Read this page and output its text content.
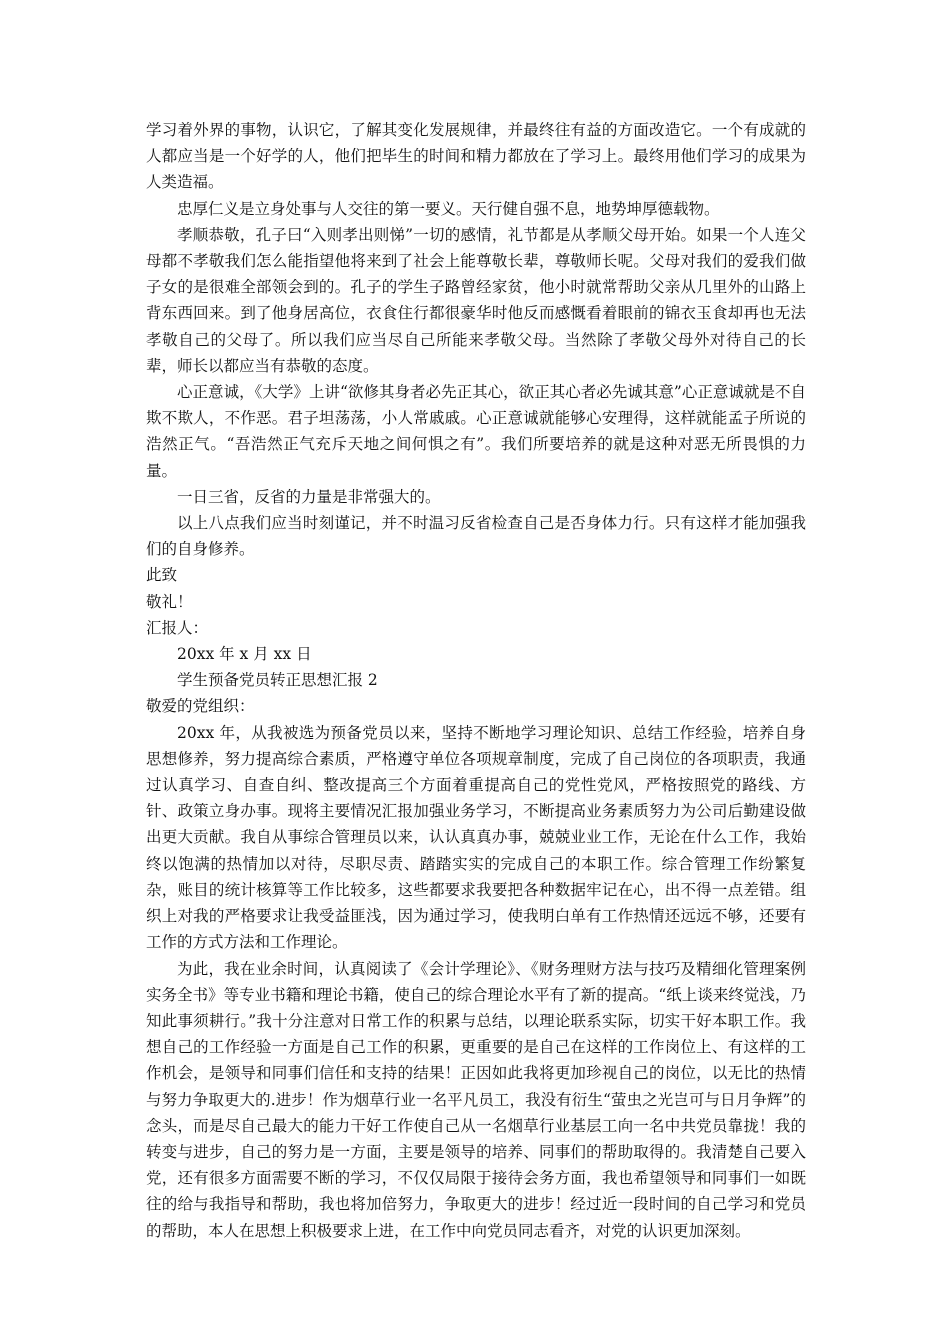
学习着外界的事物，认识它，了解其变化发展规律，并最终往有益的方面改造它。一个有成就的人都应当是一个好学的人，他们把毕生的时间和精力都放在了学习上。最终用他们学习的成果为人类造福。

忠厚仁义是立身处事与人交往的第一要义。天行健自强不息，地势坤厚德载物。

孝顺恭敬，孔子曰“入则孝出则悌”一切的感情，礼节都是从孝顺父母开始。如果一个人连父母都不孝敬我们怎么能指望他将来到了社会上能尊敬长辈，尊敬师长呢。父母对我们的爱我们做子女的是很难全部领会到的。孔子的学生子路曾经家贫，他小时就常帮助父亲从几里外的山路上背东西回来。到了他身居高位，衣食住行都很豪华时他反而感慨看着眼前的锦衣玉食却再也无法孝敬自己的父母了。所以我们应当尽自己所能来孝敬父母。当然除了孝敬父母外对待自己的长辈，师长以都应当有恭敬的态度。

心正意诚，《大学》上讲“欲修其身者必先正其心，欲正其心者必先诚其意”心正意诚就是不自欺不欺人，不作恶。君子坦荡荡，小人常戚戚。心正意诚就能够心安理得，这样就能孟子所说的浩然正气。“吾浩然正气充斥天地之间何惧之有”。我们所要培养的就是这种对恶无所畏惧的力量。

一日三省，反省的力量是非常强大的。

以上八点我们应当时刻谨记，并不时温习反省检查自己是否身体力行。只有这样才能加强我们的自身修养。

此致

敬礼！

汇报人：

20xx 年 x 月 xx 日

学生预备党员转正思想汇报 2

敬爱的党组织：

20xx 年，从我被选为预备党员以来，坚持不断地学习理论知识、总结工作经验，培养自身思想修养，努力提高综合素质，严格遵守单位各项规章制度，完成了自己岗位的各项职责，我通过认真学习、自查自纠、整改提高三个方面着重提高自己的党性党风，严格按照党的路线、方针、政策立身办事。现将主要情况汇报加强业务学习，不断提高业务素质努力为公司后勤建设做出更大贡献。我自从事综合管理员以来，认认真真办事，兢兢业业工作，无论在什么工作，我始终以饱满的热情加以对待，尽职尽责、踏踏实实的完成自己的本职工作。综合管理工作纷繁复杂，账目的统计核算等工作比较多，这些都要求我要把各种数据牢记在心，出不得一点差错。组织上对我的严格要求让我受益匪浅，因为通过学习，使我明白单有工作热情还远远不够，还要有工作的方式方法和工作理论。

为此，我在业余时间，认真阅读了《会计学理论》、《财务理财方法与技巧及精细化管理案例实务全书》等专业书籍和理论书籍，使自己的综合理论水平有了新的提高。“纸上谈来终觉浅，乃知此事须耕行。”我十分注意对日常工作的积累与总结，以理论联系实际，切实干好本职工作。我想自己的工作经验一方面是自己工作的积累，更重要的是自己在这样的工作岗位上、有这样的工作机会，是领导和同事们信任和支持的结果！正因如此我将更加珍视自己的岗位，以无比的热情与努力争取更大的.进步！作为烟草行业一名平凡员工，我没有衍生“萤虫之光岂可与日月争辉”的念头，而是尽自己最大的能力干好工作使自己从一名烟草行业基层工向一名中共党员靠拢！我的转变与进步，自己的努力是一方面，主要是领导的培养、同事们的帮助取得的。我清楚自己要入党，还有很多方面需要不断的学习，不仅仅局限于接待会务方面，我也希望领导和同事们一如既往的给与我指导和帮助，我也将加倍努力，争取更大的进步！经过近一段时间的自己学习和党员的帮助，本人在思想上积极要求上进，在工作中向党员同志看齐，对党的认识更加深刻。
